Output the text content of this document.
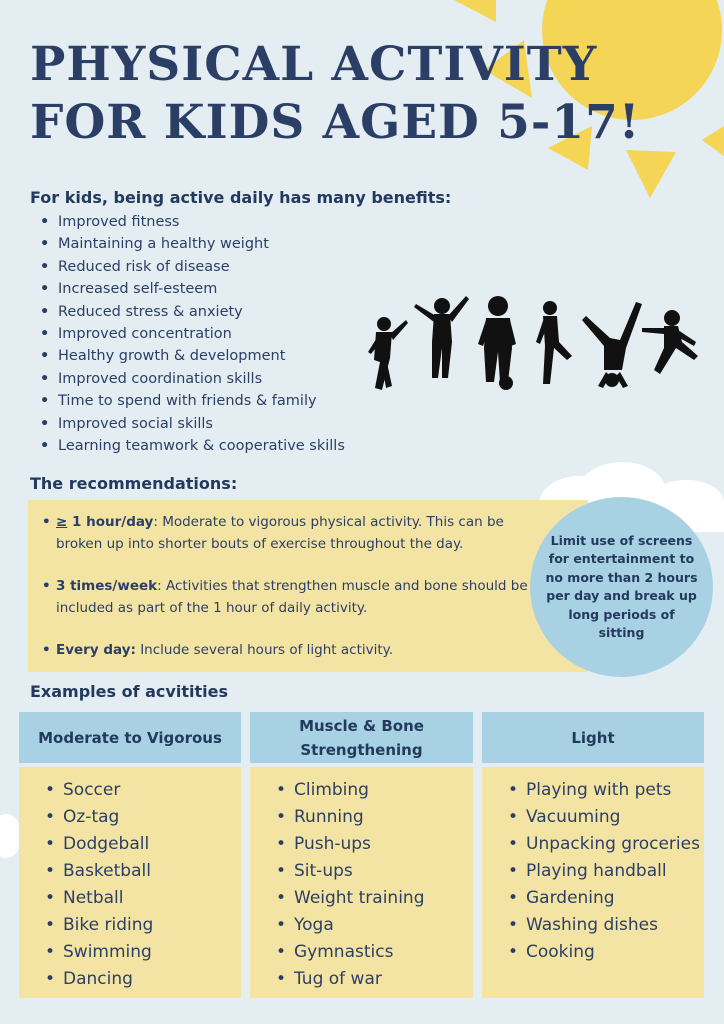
PHYSICAL ACTIVITY
FOR KIDS AGED 5-17!
For kids, being active daily has many benefits:
• Improved fitness
• Maintaining a healthy weight
• Reduced risk of disease
• Increased self-esteem
• Reduced stress & anxiety
• Improved concentration
• Healthy growth & development
• Improved coordination skills
• Time to spend with friends & family
• Improved social skills
• Learning teamwork & cooperative skills
The recommendations:
• ≥ 1 hour/day: Moderate to vigorous physical activity. This can be broken up into shorter bouts of exercise throughout the day.
• 3 times/week: Activities that strengthen muscle and bone should be included as part of the 1 hour of daily activity.
• Every day: Include several hours of light activity.
Limit use of screens for entertainment to no more than 2 hours per day and break up long periods of sitting
Examples of acvitities
Moderate to Vigorous
• Soccer
• Oz-tag
• Dodgeball
• Basketball
• Netball
• Bike riding
• Swimming
• Dancing
Muscle & Bone Strengthening
• Climbing
• Running
• Push-ups
• Sit-ups
• Weight training
• Yoga
• Gymnastics
• Tug of war
Light
• Playing with pets
• Vacuuming
• Unpacking groceries
• Playing handball
• Gardening
• Washing dishes
• Cooking
